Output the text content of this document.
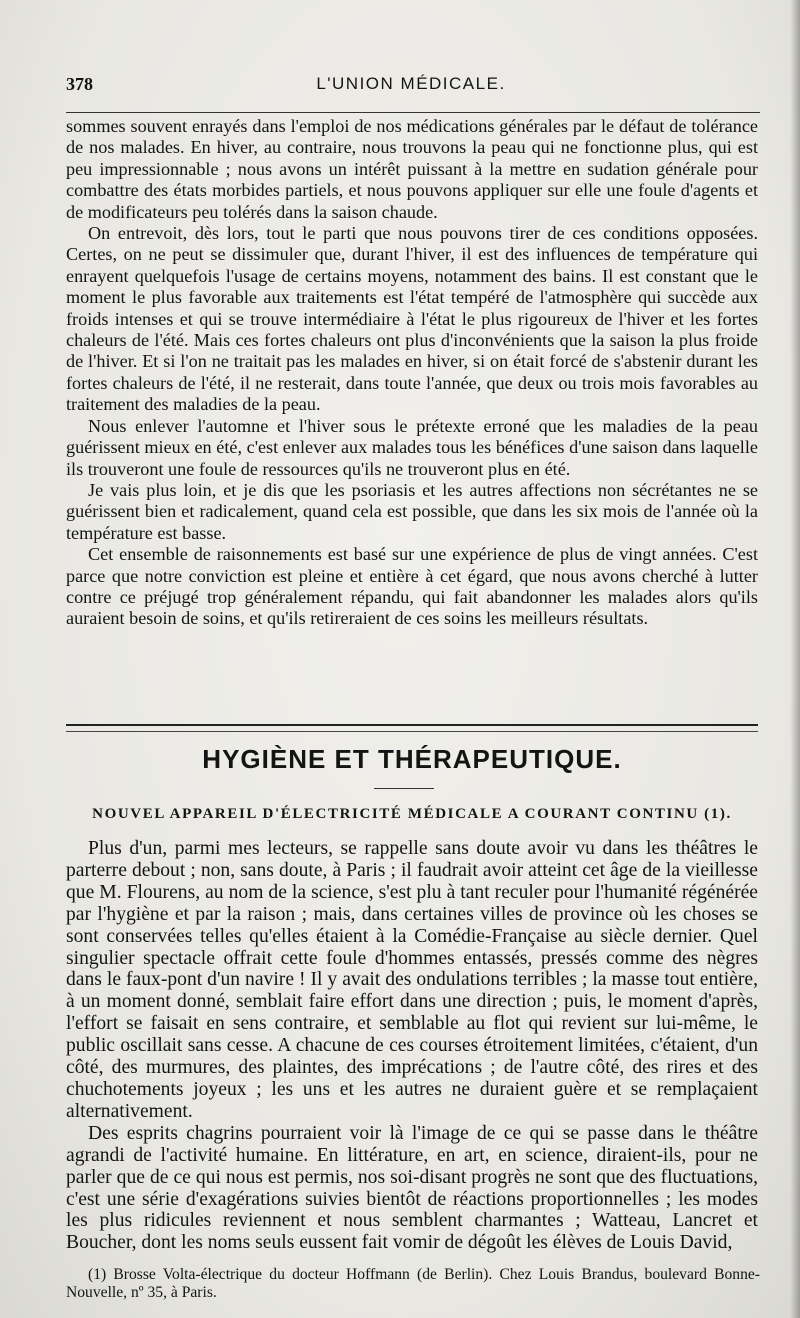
378	L'UNION MÉDICALE.

sommes souvent enrayés dans l'emploi de nos médications générales par le défaut de tolérance de nos malades. En hiver, au contraire, nous trouvons la peau qui ne fonctionne plus, qui est peu impressionnable ; nous avons un intérêt puissant à la mettre en sudation générale pour combattre des états morbides partiels, et nous pouvons appliquer sur elle une foule d'agents et de modificateurs peu tolérés dans la saison chaude.

On entrevoit, dès lors, tout le parti que nous pouvons tirer de ces conditions opposées. Certes, on ne peut se dissimuler que, durant l'hiver, il est des influences de température qui enrayent quelquefois l'usage de certains moyens, notamment des bains. Il est constant que le moment le plus favorable aux traitements est l'état tempéré de l'atmosphère qui succède aux froids intenses et qui se trouve intermédiaire à l'état le plus rigoureux de l'hiver et les fortes chaleurs de l'été. Mais ces fortes chaleurs ont plus d'inconvénients que la saison la plus froide de l'hiver. Et si l'on ne traitait pas les malades en hiver, si on était forcé de s'abstenir durant les fortes chaleurs de l'été, il ne resterait, dans toute l'année, que deux ou trois mois favorables au traitement des maladies de la peau.

Nous enlever l'automne et l'hiver sous le prétexte erroné que les maladies de la peau guérissent mieux en été, c'est enlever aux malades tous les bénéfices d'une saison dans laquelle ils trouveront une foule de ressources qu'ils ne trouveront plus en été.

Je vais plus loin, et je dis que les psoriasis et les autres affections non sécrétantes ne se guérissent bien et radicalement, quand cela est possible, que dans les six mois de l'année où la température est basse.

Cet ensemble de raisonnements est basé sur une expérience de plus de vingt années. C'est parce que notre conviction est pleine et entière à cet égard, que nous avons cherché à lutter contre ce préjugé trop généralement répandu, qui fait abandonner les malades alors qu'ils auraient besoin de soins, et qu'ils retireraient de ces soins les meilleurs résultats.

HYGIÈNE ET THÉRAPEUTIQUE.
NOUVEL APPAREIL D'ÉLECTRICITÉ MÉDICALE A COURANT CONTINU (1).

Plus d'un, parmi mes lecteurs, se rappelle sans doute avoir vu dans les théâtres le parterre debout ; non, sans doute, à Paris ; il faudrait avoir atteint cet âge de la vieillesse que M. Flourens, au nom de la science, s'est plu à tant reculer pour l'humanité régénérée par l'hygiène et par la raison ; mais, dans certaines villes de province où les choses se sont conservées telles qu'elles étaient à la Comédie-Française au siècle dernier. Quel singulier spectacle offrait cette foule d'hommes entassés, pressés comme des nègres dans le faux-pont d'un navire ! Il y avait des ondulations terribles ; la masse tout entière, à un moment donné, semblait faire effort dans une direction ; puis, le moment d'après, l'effort se faisait en sens contraire, et semblable au flot qui revient sur lui-même, le public oscillait sans cesse. A chacune de ces courses étroitement limitées, c'étaient, d'un côté, des murmures, des plaintes, des imprécations ; de l'autre côté, des rires et des chuchotements joyeux ; les uns et les autres ne duraient guère et se remplaçaient alternativement.

Des esprits chagrins pourraient voir là l'image de ce qui se passe dans le théâtre agrandi de l'activité humaine. En littérature, en art, en science, diraient-ils, pour ne parler que de ce qui nous est permis, nos soi-disant progrès ne sont que des fluctuations, c'est une série d'exagérations suivies bientôt de réactions proportionnelles ; les modes les plus ridicules reviennent et nous semblent charmantes ; Watteau, Lancret et Boucher, dont les noms seuls eussent fait vomir de dégoût les élèves de Louis David,

(1) Brosse Volta-électrique du docteur Hoffmann (de Berlin). Chez Louis Brandus, boulevard Bonne-Nouvelle, nº 35, à Paris.
